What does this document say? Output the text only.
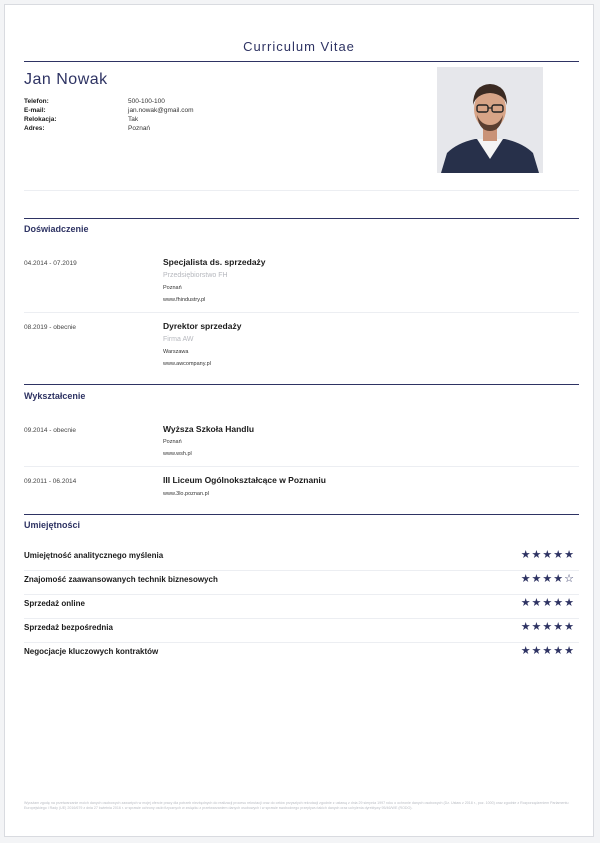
Curriculum Vitae
Jan Nowak
Telefon:	500-100-100
E-mail:	jan.nowak@gmail.com
Relokacja:	Tak
Adres:	Poznań
Doświadczenie
04.2014 - 07.2019	Specjalista ds. sprzedaży
Przedsiębiorstwo FH
Poznań
www.fhindustry.pl
08.2019 - obecnie	Dyrektor sprzedaży
Firma AW
Warszawa
www.awcompany.pl
Wykształcenie
09.2014 - obecnie	Wyższa Szkoła Handlu
Poznań
www.wsh.pl
09.2011 - 06.2014	III Liceum Ogólnokształcące w Poznaniu
www.3lo.poznan.pl
Umiejętności
Umiejętność analitycznego myślenia	★★★★★
Znajomość zaawansowanych technik biznesowych	★★★★☆
Sprzedaż online	★★★★★
Sprzedaż bezpośrednia	★★★★★
Negocjacje kluczowych kontraktów	★★★★★
Wyrażam zgodę na przetwarzanie moich danych osobowych zawartych w mojej ofercie pracy dla potrzeb niezbędnych do realizacji procesu rekrutacji oraz do celów przyszłych rekrutacji zgodnie z ustawą z dnia 29 sierpnia 1997 roku o ochronie danych osobowych (Dz. Ustaw z 2018 r., poz. 1000) oraz zgodnie z Rozporządzeniem Parlamentu Europejskiego i Rady (UE) 2016/679 z dnia 27 kwietnia 2016 r. w sprawie ochrony osób fizycznych w związku z przetwarzaniem danych osobowych i w sprawie swobodnego przepływu takich danych oraz uchylenia dyrektywy 95/46/WE (RODO).
